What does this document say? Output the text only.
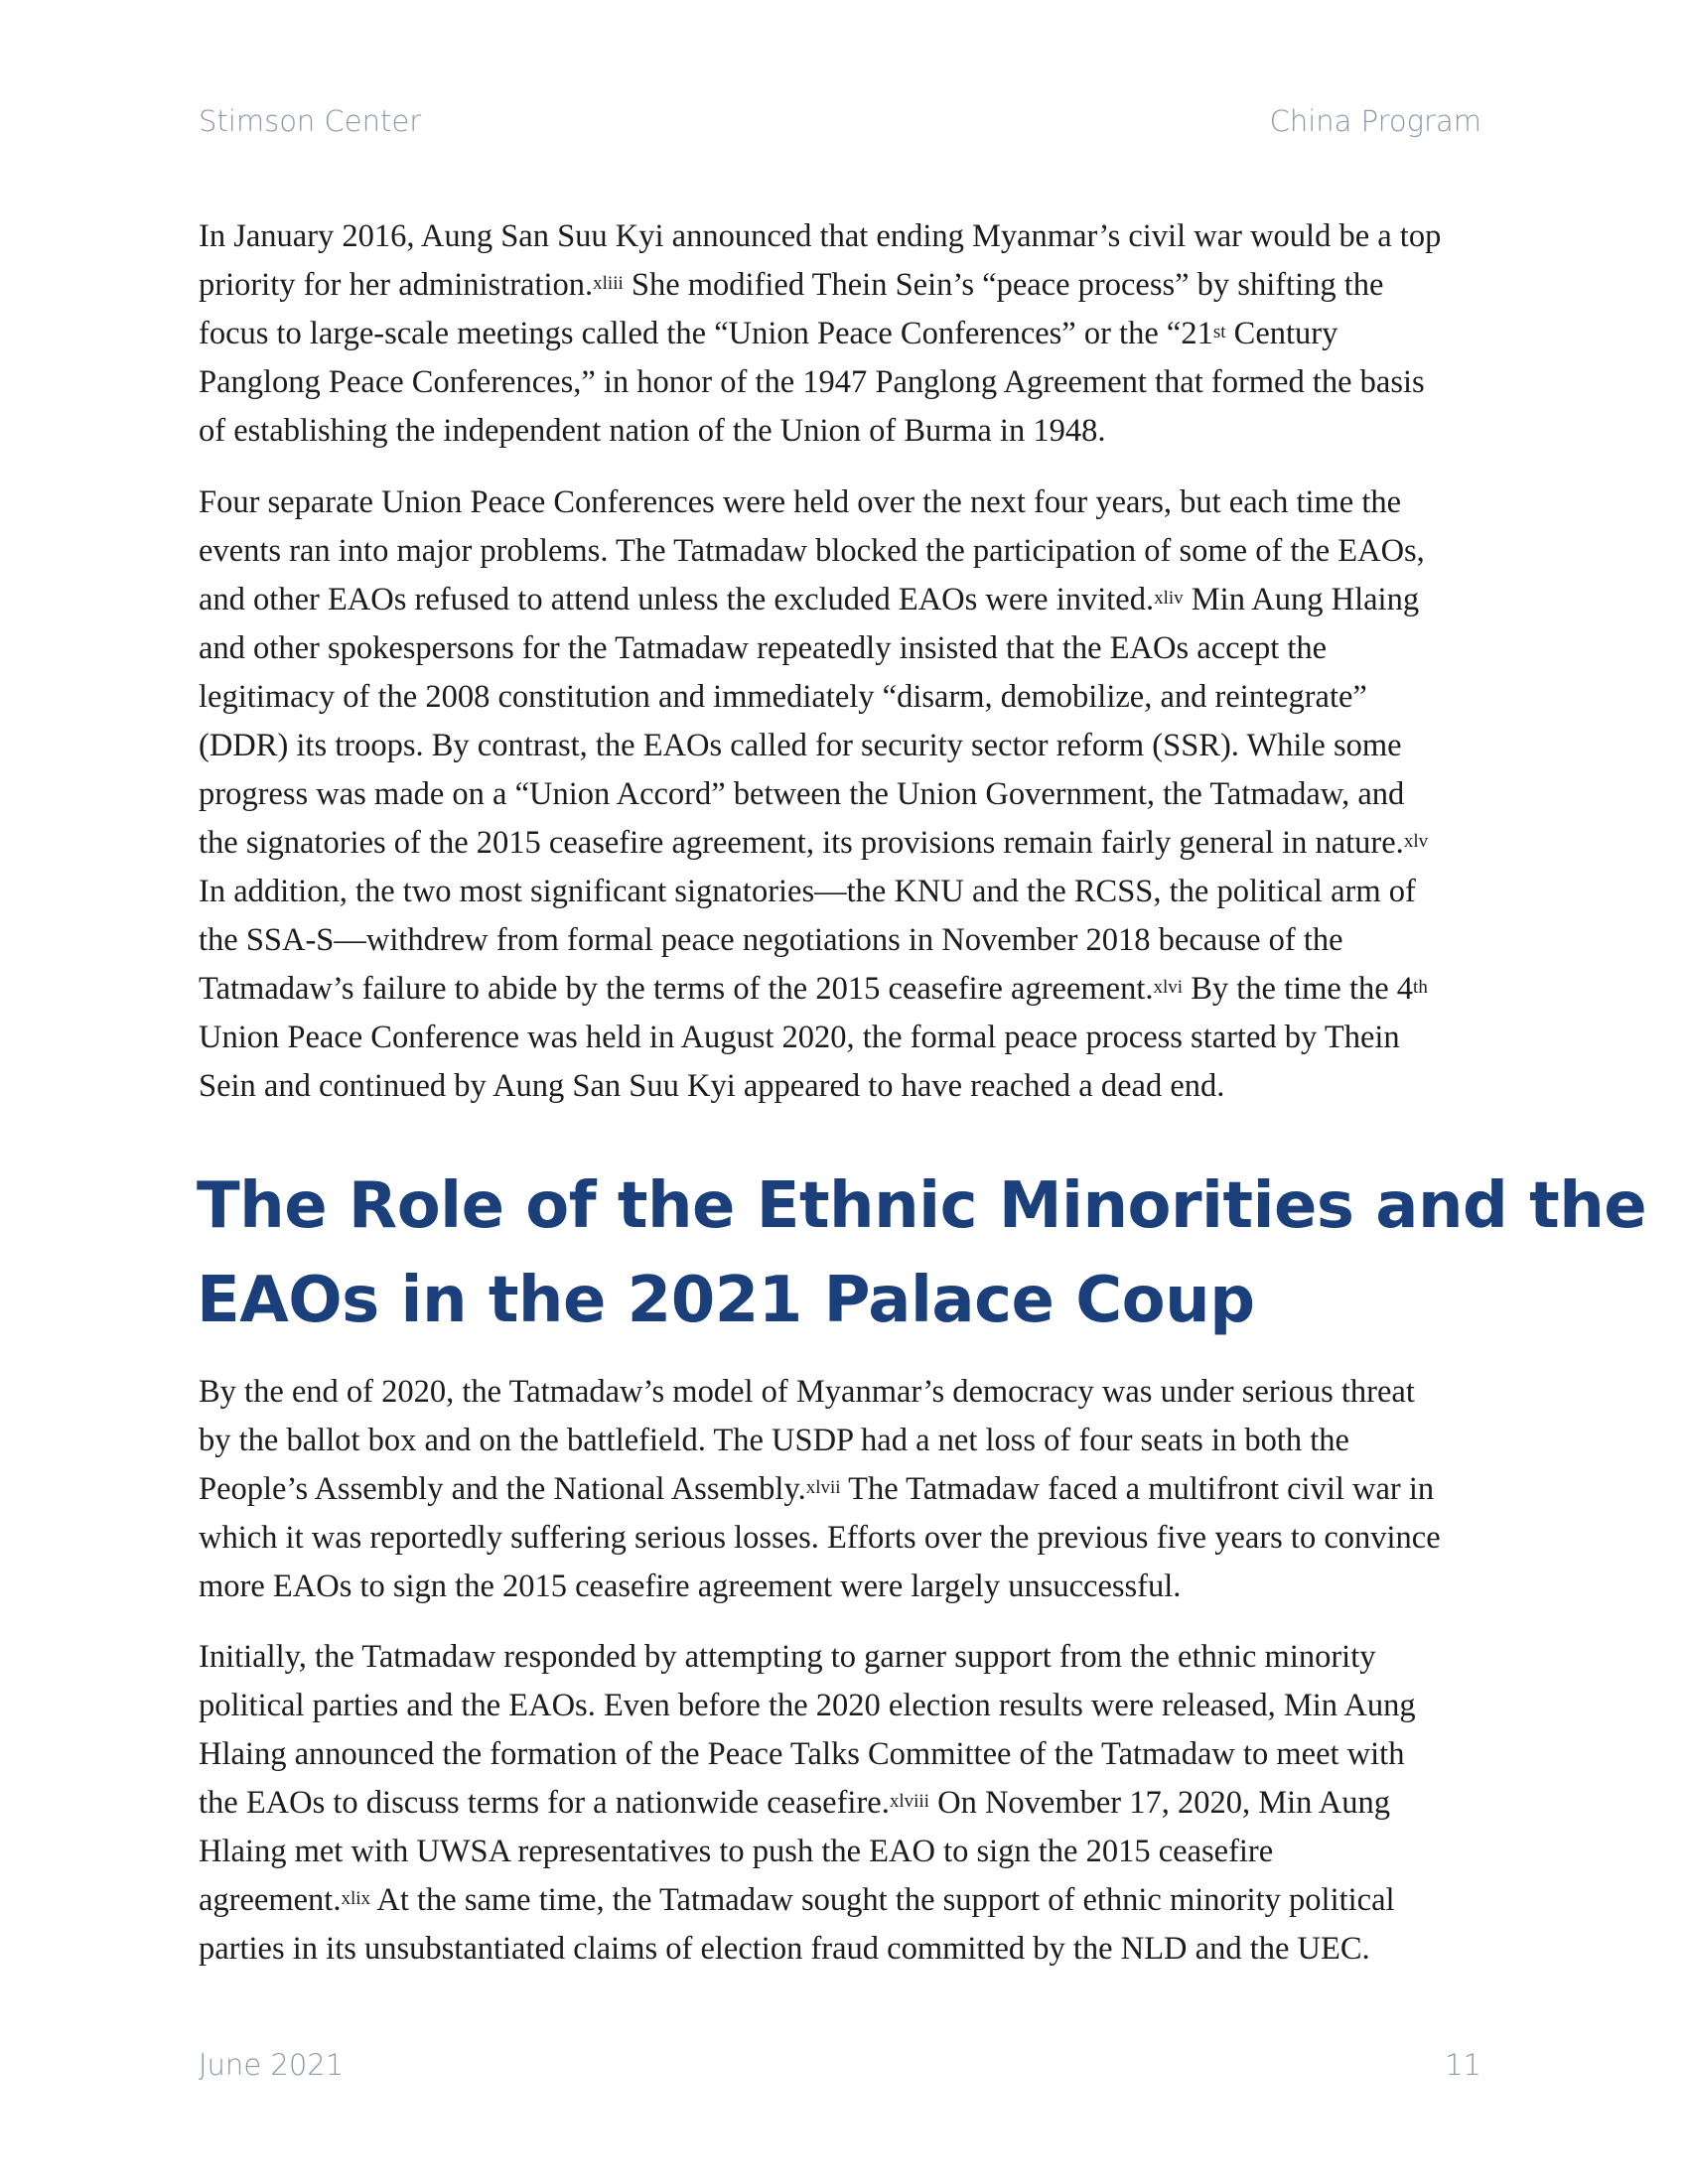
Stimson Center	China Program
In January 2016, Aung San Suu Kyi announced that ending Myanmar’s civil war would be a top
priority for her administration.$^{xliii}$ She modified Thein Sein’s “peace process” by shifting the
focus to large-scale meetings called the “Union Peace Conferences” or the “21st Century
Panglong Peace Conferences,” in honor of the 1947 Panglong Agreement that formed the basis
of establishing the independent nation of the Union of Burma in 1948.
Four separate Union Peace Conferences were held over the next four years, but each time the
events ran into major problems. The Tatmadaw blocked the participation of some of the EAOs,
and other EAOs refused to attend unless the excluded EAOs were invited.$^{xliv}$ Min Aung Hlaing
and other spokespersons for the Tatmadaw repeatedly insisted that the EAOs accept the
legitimacy of the 2008 constitution and immediately “disarm, demobilize, and reintegrate”
(DDR) its troops. By contrast, the EAOs called for security sector reform (SSR). While some
progress was made on a “Union Accord” between the Union Government, the Tatmadaw, and
the signatories of the 2015 ceasefire agreement, its provisions remain fairly general in nature.$^{xlv}$
In addition, the two most significant signatories—the KNU and the RCSS, the political arm of
the SSA-S—withdrew from formal peace negotiations in November 2018 because of the
Tatmadaw’s failure to abide by the terms of the 2015 ceasefire agreement.$^{xlvi}$ By the time the 4th
Union Peace Conference was held in August 2020, the formal peace process started by Thein
Sein and continued by Aung San Suu Kyi appeared to have reached a dead end.
The Role of the Ethnic Minorities and the
EAOs in the 2021 Palace Coup
By the end of 2020, the Tatmadaw’s model of Myanmar’s democracy was under serious threat
by the ballot box and on the battlefield. The USDP had a net loss of four seats in both the
People’s Assembly and the National Assembly.$^{xlvii}$ The Tatmadaw faced a multifront civil war in
which it was reportedly suffering serious losses. Efforts over the previous five years to convince
more EAOs to sign the 2015 ceasefire agreement were largely unsuccessful.
Initially, the Tatmadaw responded by attempting to garner support from the ethnic minority
political parties and the EAOs. Even before the 2020 election results were released, Min Aung
Hlaing announced the formation of the Peace Talks Committee of the Tatmadaw to meet with
the EAOs to discuss terms for a nationwide ceasefire.$^{xlviii}$ On November 17, 2020, Min Aung
Hlaing met with UWSA representatives to push the EAO to sign the 2015 ceasefire
agreement.$^{xlix}$ At the same time, the Tatmadaw sought the support of ethnic minority political
parties in its unsubstantiated claims of election fraud committed by the NLD and the UEC.
June 2021	11
